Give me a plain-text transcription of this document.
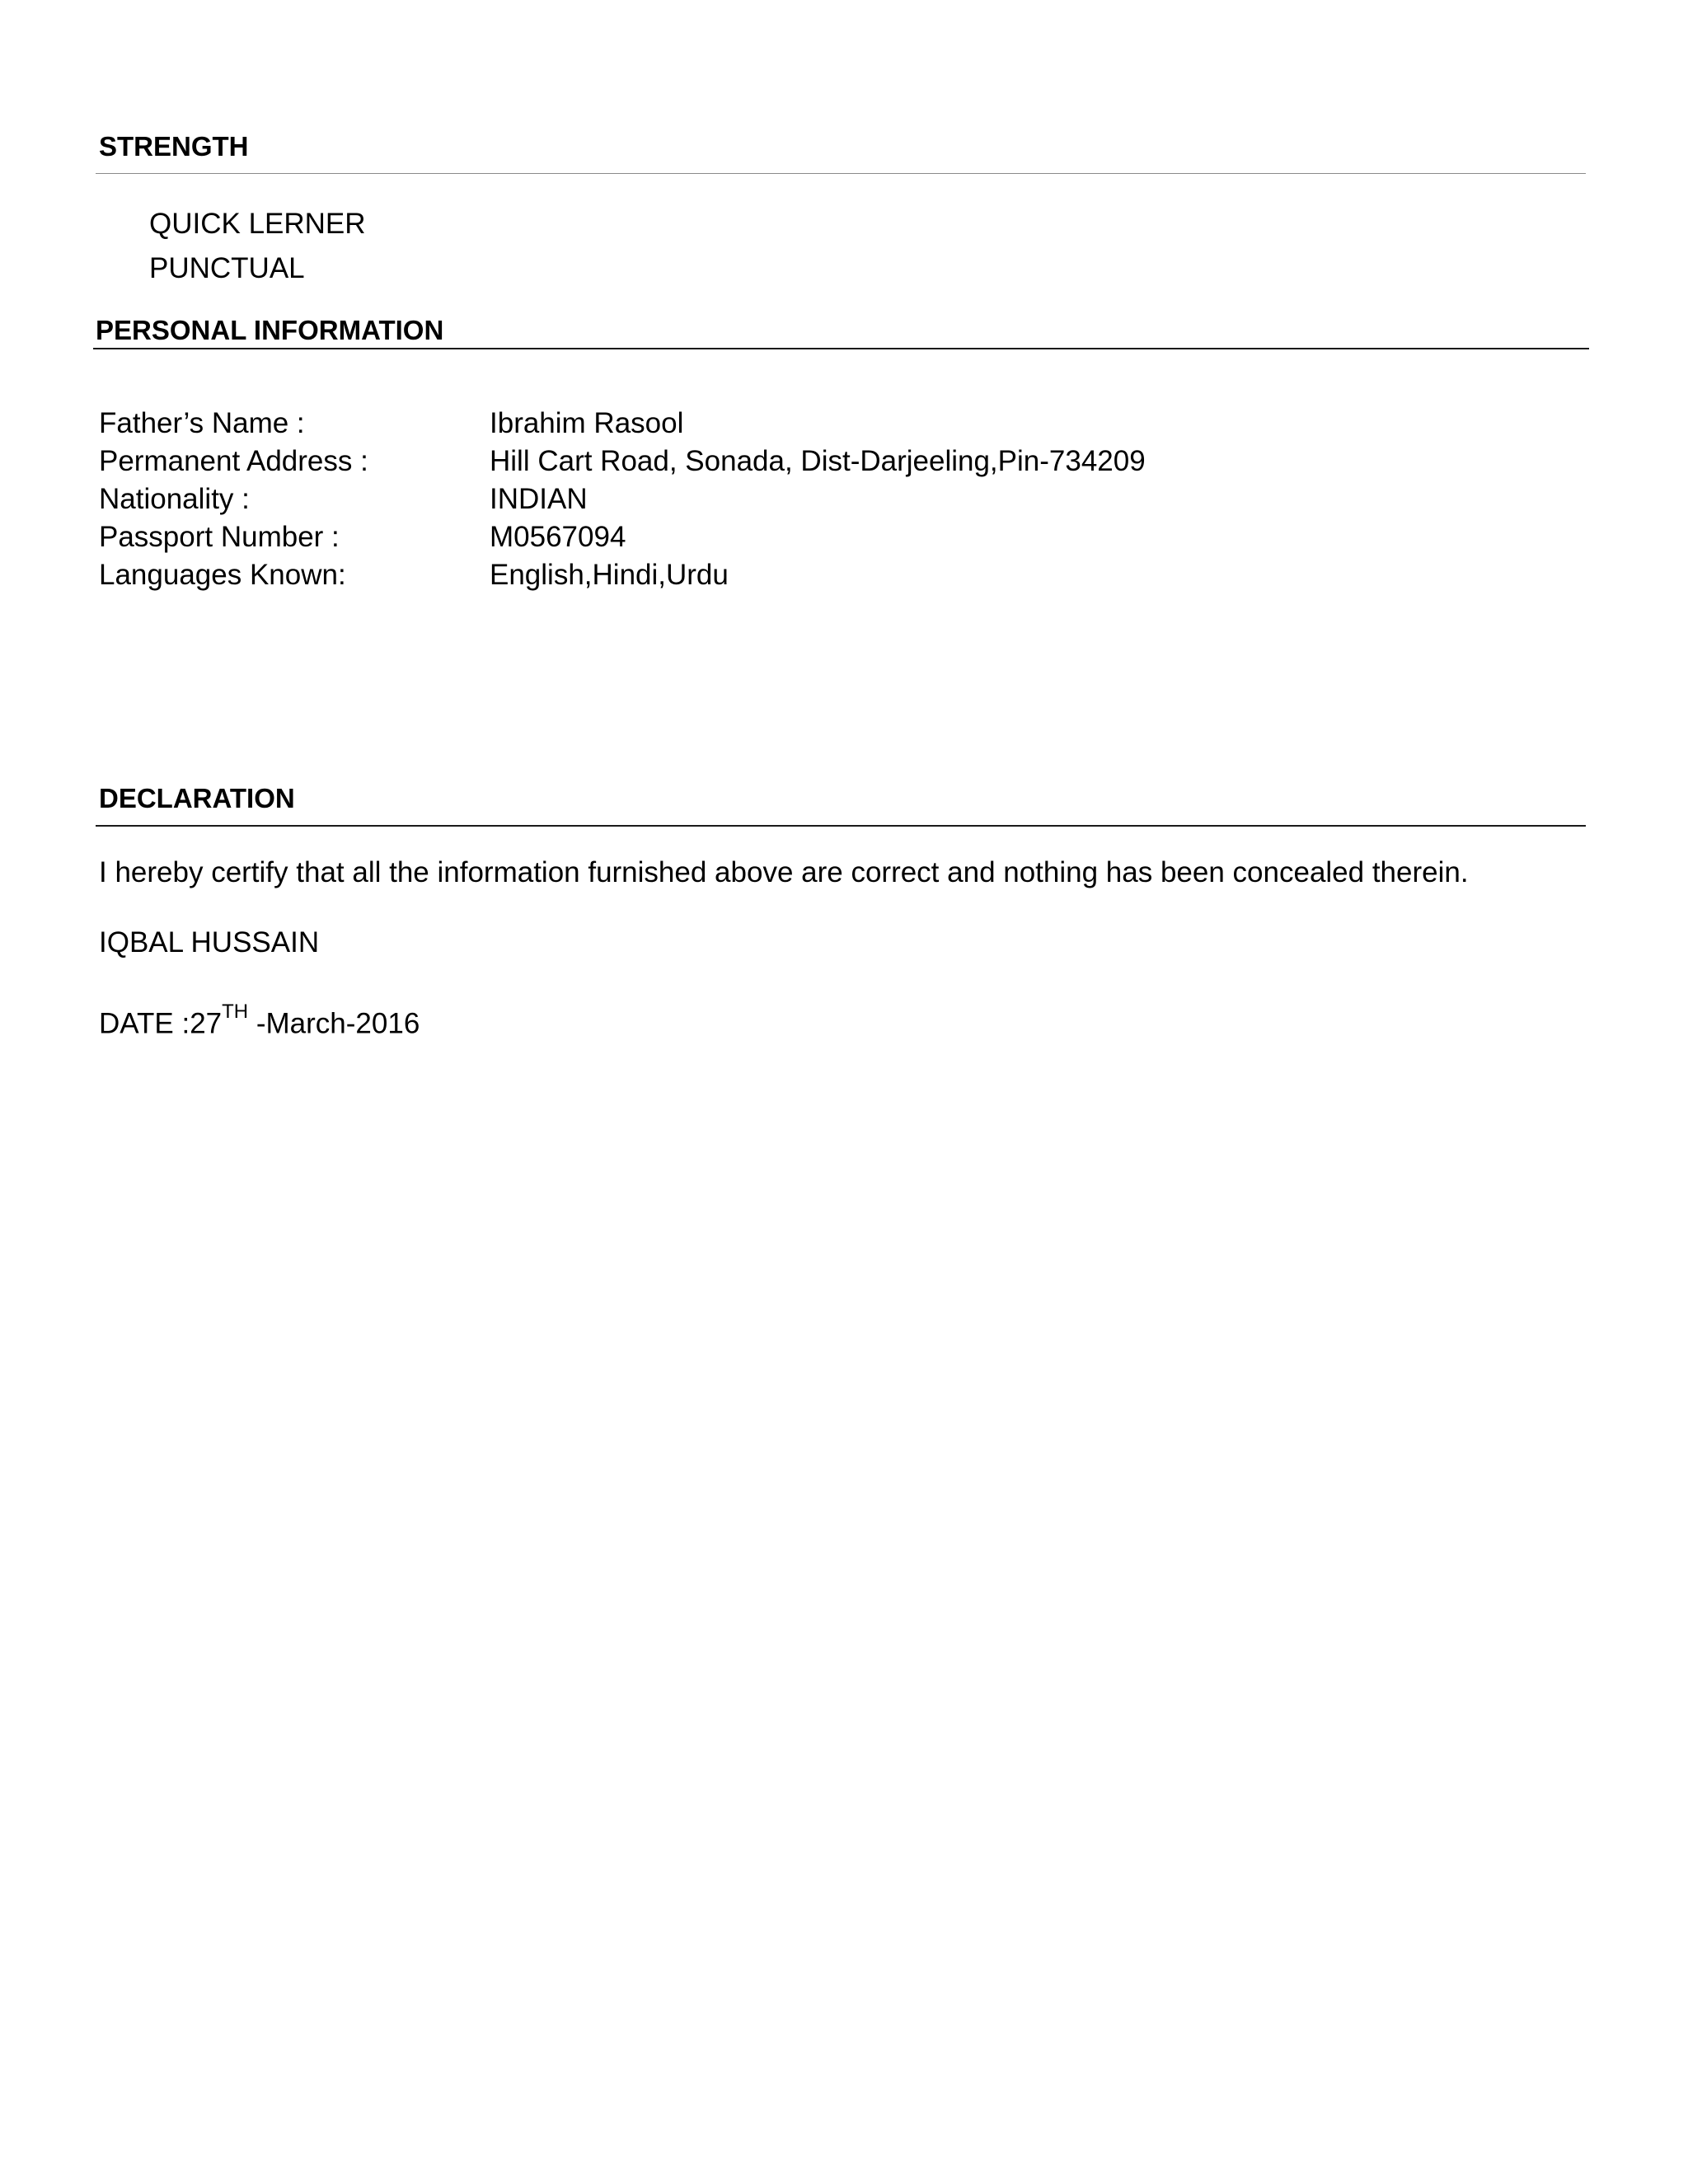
STRENGTH
QUICK LERNER
PUNCTUAL
PERSONAL INFORMATION
Father’s Name :	Ibrahim Rasool
Permanent Address :	Hill Cart Road, Sonada, Dist-Darjeeling,Pin-734209
Nationality :	INDIAN
Passport Number :	M0567094
Languages Known:	English,Hindi,Urdu
DECLARATION
I hereby certify that all the information furnished above are correct and nothing has been concealed therein.
IQBAL HUSSAIN
DATE :27TH -March-2016
